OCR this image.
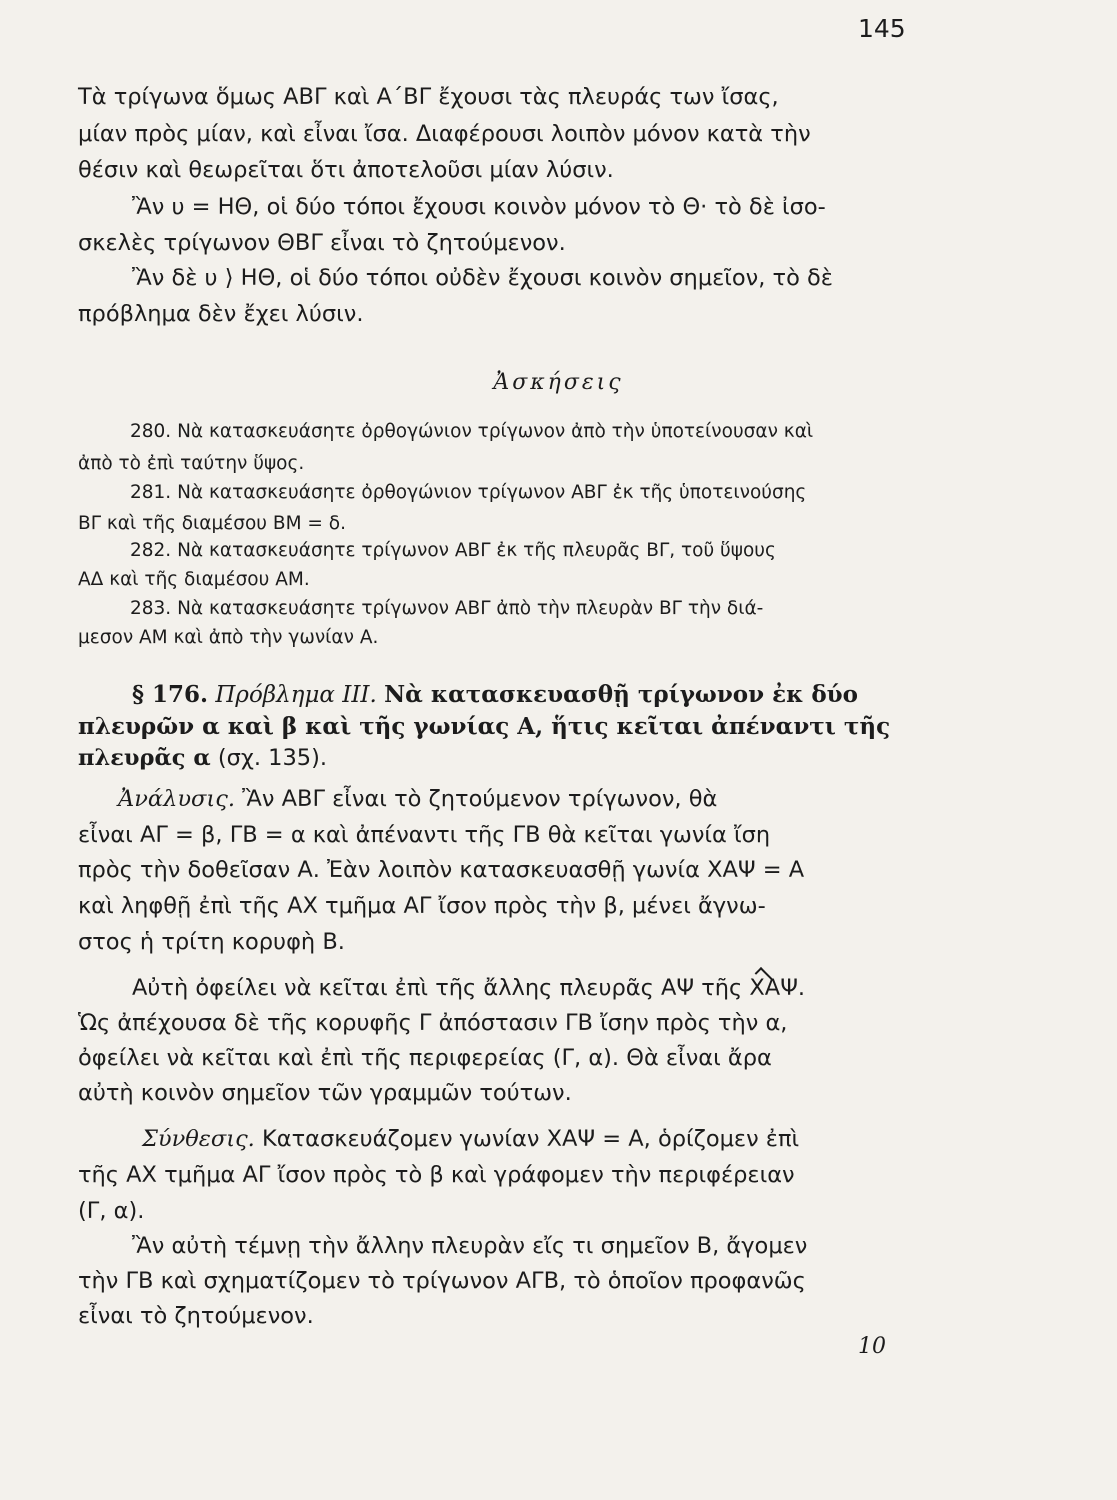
145
Τὰ τρίγωνα ὅμως ΑΒΓ καὶ Α΄ΒΓ ἔχουσι τὰς πλευράς των ἴσας,
μίαν πρὸς μίαν, καὶ εἶναι ἴσα. Διαφέρουσι λοιπὸν μόνον κατὰ τὴν
θέσιν καὶ θεωρεῖται ὅτι ἀποτελοῦσι μίαν λύσιν.
Ἂν υ = ΗΘ, οἱ δύο τόποι ἔχουσι κοινὸν μόνον τὸ Θ· τὸ δὲ ἰσο-
σκελὲς τρίγωνον ΘΒΓ εἶναι τὸ ζητούμενον.
Ἂν δὲ υ ⟩ ΗΘ, οἱ δύο τόποι οὐδὲν ἔχουσι κοινὸν σημεῖον, τὸ δὲ
πρόβλημα δὲν ἔχει λύσιν.
Ἀσκήσεις
280. Νὰ κατασκευάσητε ὀρθογώνιον τρίγωνον ἀπὸ τὴν ὑποτείνουσαν καὶ
ἀπὸ τὸ ἐπὶ ταύτην ὕψος.
281. Νὰ κατασκευάσητε ὀρθογώνιον τρίγωνον ΑΒΓ ἐκ τῆς ὑποτεινούσης
ΒΓ καὶ τῆς διαμέσου ΒΜ = δ.
282. Νὰ κατασκευάσητε τρίγωνον ΑΒΓ ἐκ τῆς πλευρᾶς ΒΓ, τοῦ ὕψους
ΑΔ καὶ τῆς διαμέσου ΑΜ.
283. Νὰ κατασκευάσητε τρίγωνον ΑΒΓ ἀπὸ τὴν πλευρὰν ΒΓ τὴν διά-
μεσον ΑΜ καὶ ἀπὸ τὴν γωνίαν Α.
§ 176. Πρόβλημα ΙΙΙ. Νὰ κατασκευασθῇ τρίγωνον ἐκ δύο
πλευρῶν α καὶ β καὶ τῆς γωνίας Α, ἥτις κεῖται ἀπέναντι τῆς
πλευρᾶς α (σχ. 135).
Ἀνάλυσις. Ἂν ΑΒΓ εἶναι τὸ ζητούμενον τρίγωνον, θὰ
εἶναι ΑΓ = β, ΓΒ = α καὶ ἀπέναντι τῆς ΓΒ θὰ κεῖται γωνία ἴση
πρὸς τὴν δοθεῖσαν Α. Ἐὰν λοιπὸν κατασκευασθῇ γωνία ΧΑΨ = Α
καὶ ληφθῇ ἐπὶ τῆς ΑΧ τμῆμα ΑΓ ἴσον πρὸς τὴν β, μένει ἄγνω-
στος ἡ τρίτη κορυφὴ Β.
Αὐτὴ ὀφείλει νὰ κεῖται ἐπὶ τῆς ἄλλης πλευρᾶς ΑΨ τῆς ΧΑΨ.
Ὡς ἀπέχουσα δὲ τῆς κορυφῆς Γ ἀπόστασιν ΓΒ ἴσην πρὸς τὴν α,
ὀφείλει νὰ κεῖται καὶ ἐπὶ τῆς περιφερείας (Γ, α). Θὰ εἶναι ἄρα
αὐτὴ κοινὸν σημεῖον τῶν γραμμῶν τούτων.
Σύνθεσις. Κατασκευάζομεν γωνίαν ΧΑΨ = Α, ὁρίζομεν ἐπὶ
τῆς ΑΧ τμῆμα ΑΓ ἴσον πρὸς τὸ β καὶ γράφομεν τὴν περιφέρειαν
(Γ, α).
Ἂν αὐτὴ τέμνῃ τὴν ἄλλην πλευρὰν εἴς τι σημεῖον Β, ἄγομεν
τὴν ΓΒ καὶ σχηματίζομεν τὸ τρίγωνον ΑΓΒ, τὸ ὁποῖον προφανῶς
εἶναι τὸ ζητούμενον.
10
